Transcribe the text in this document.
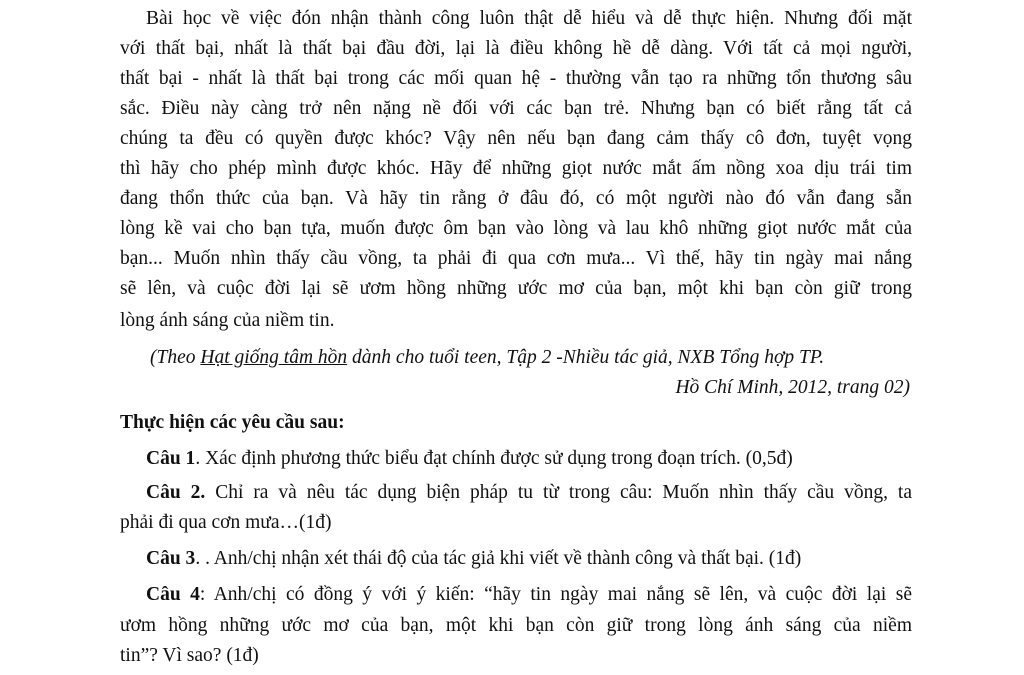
Bài học về việc đón nhận thành công luôn thật dễ hiểu và dễ thực hiện. Nhưng đối mặt
với thất bại, nhất là thất bại đầu đời, lại là điều không hề dễ dàng. Với tất cả mọi người,
thất bại - nhất là thất bại trong các mối quan hệ - thường vẫn tạo ra những tổn thương sâu
sắc. Điều này càng trở nên nặng nề đối với các bạn trẻ. Nhưng bạn có biết rằng tất cả
chúng ta đều có quyền được khóc? Vậy nên nếu bạn đang cảm thấy cô đơn, tuyệt vọng
thì hãy cho phép mình được khóc. Hãy để những giọt nước mắt ấm nồng xoa dịu trái tim
đang thổn thức của bạn. Và hãy tin rằng ở đâu đó, có một người nào đó vẫn đang sẵn
lòng kề vai cho bạn tựa, muốn được ôm bạn vào lòng và lau khô những giọt nước mắt của
bạn... Muốn nhìn thấy cầu vồng, ta phải đi qua cơn mưa... Vì thế, hãy tin ngày mai nắng
sẽ lên, và cuộc đời lại sẽ ươm hồng những ước mơ của bạn, một khi bạn còn giữ trong
lòng ánh sáng của niềm tin.
(Theo Hạt giống tâm hồn dành cho tuổi teen, Tập 2 -Nhiều tác giả, NXB Tổng hợp TP.
Hồ Chí Minh, 2012, trang 02)
Thực hiện các yêu cầu sau:
Câu 1. Xác định phương thức biểu đạt chính được sử dụng trong đoạn trích. (0,5đ)
Câu 2. Chỉ ra và nêu tác dụng biện pháp tu từ trong câu: Muốn nhìn thấy cầu vồng, ta
phải đi qua cơn mưa…(1đ)
Câu 3. . Anh/chị nhận xét thái độ của tác giả khi viết về thành công và thất bại. (1đ)
Câu 4: Anh/chị có đồng ý với ý kiến: “hãy tin ngày mai nắng sẽ lên, và cuộc đời lại sẽ
ươm hồng những ước mơ của bạn, một khi bạn còn giữ trong lòng ánh sáng của niềm
tin”? Vì sao? (1đ)
